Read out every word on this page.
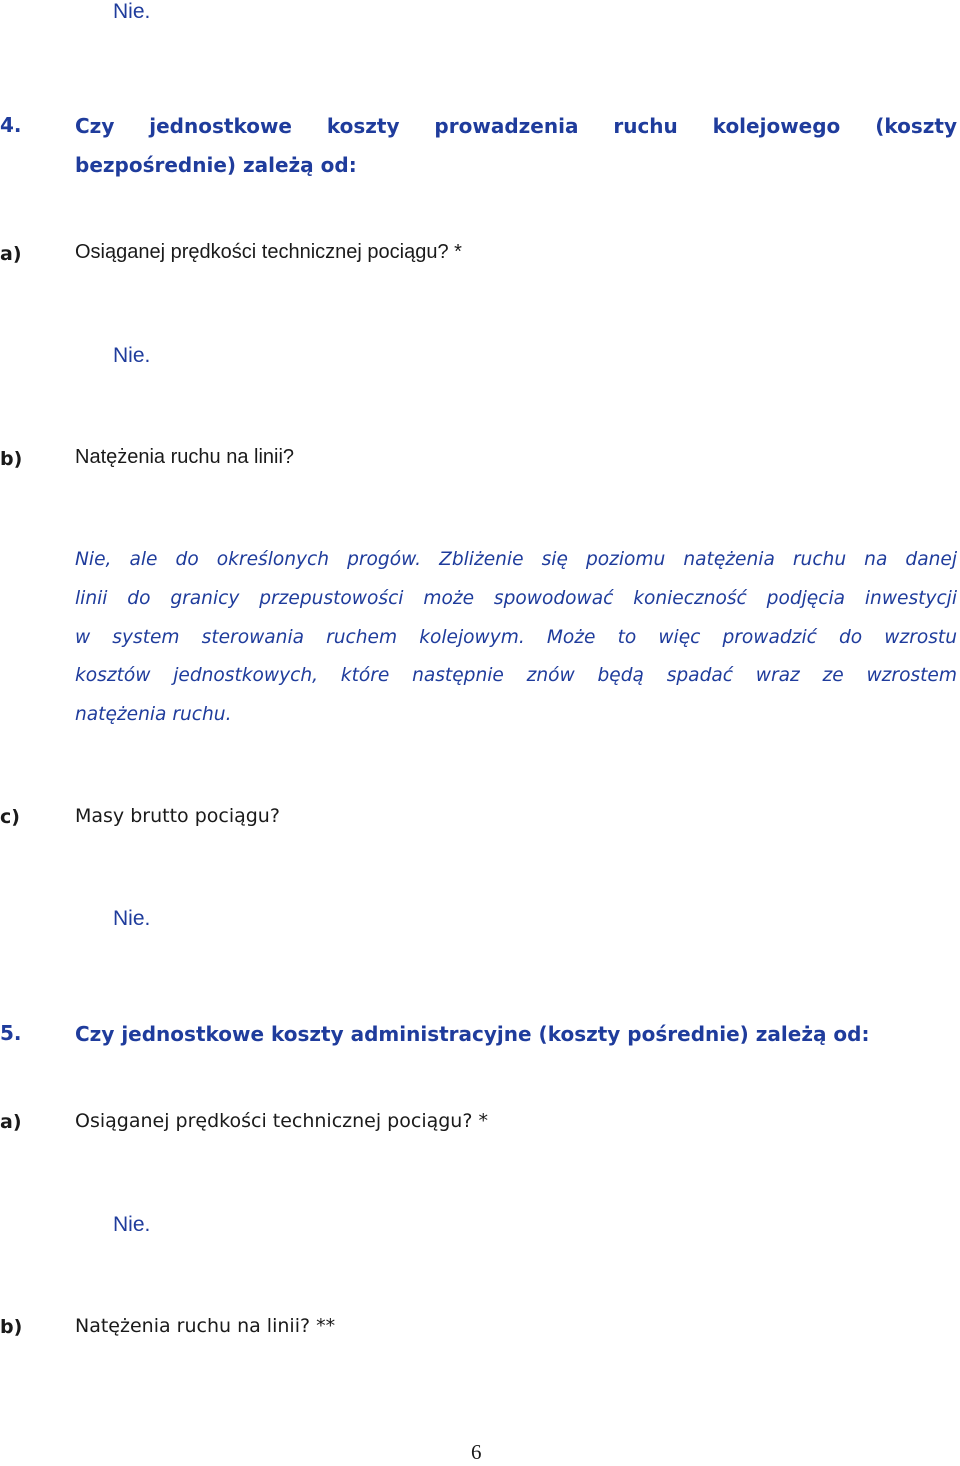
Nie.
4.	Czy jednostkowe koszty prowadzenia ruchu kolejowego (koszty
bezpośrednie) zależą od:
a)	Osiąganej prędkości technicznej pociągu? *
Nie.
b)	Natężenia ruchu na linii?
Nie, ale do określonych progów. Zbliżenie się poziomu natężenia ruchu na danej
linii do granicy przepustowości może spowodować konieczność podjęcia inwestycji
w system sterowania ruchem kolejowym. Może to więc prowadzić do wzrostu
kosztów jednostkowych, które następnie znów będą spadać wraz ze wzrostem
natężenia ruchu.
c)	Masy brutto pociągu?
Nie.
5.	Czy jednostkowe koszty administracyjne (koszty pośrednie) zależą od:
a)	Osiąganej prędkości technicznej pociągu? *
Nie.
b)	Natężenia ruchu na linii? **
6
